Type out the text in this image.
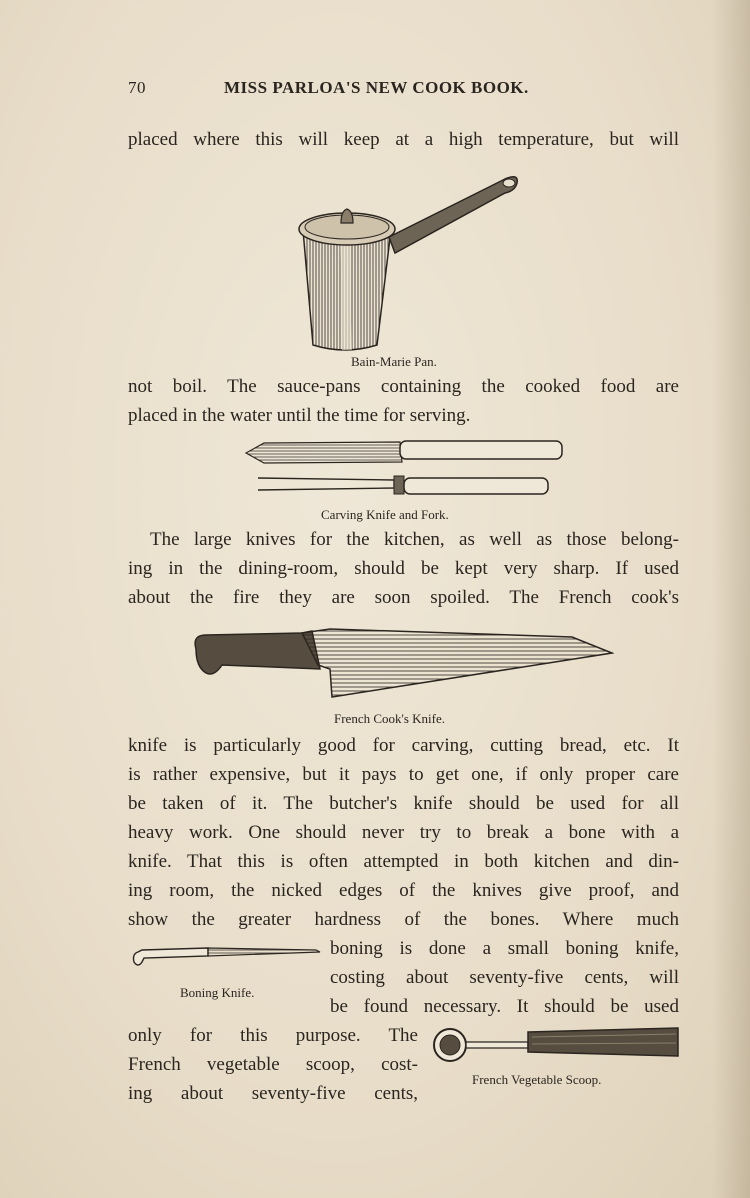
70	MISS PARLOA'S NEW COOK BOOK.
placed where this will keep at a high temperature, but will
Bain-Marie Pan.
not boil. The sauce-pans containing the cooked food are
placed in the water until the time for serving.
Carving Knife and Fork.
The large knives for the kitchen, as well as those belong-
ing in the dining-room, should be kept very sharp. If used
about the fire they are soon spoiled. The French cook's
French Cook's Knife.
knife is particularly good for carving, cutting bread, etc. It
is rather expensive, but it pays to get one, if only proper care
be taken of it. The butcher's knife should be used for all
heavy work. One should never try to break a bone with a
knife. That this is often attempted in both kitchen and din-
ing room, the nicked edges of the knives give proof, and
show the greater hardness of the bones. Where much
Boning Knife.
boning is done a small boning knife,
costing about seventy-five cents, will
be found necessary. It should be used
only for this purpose. The
French vegetable scoop, cost-
ing about seventy-five cents,
French Vegetable Scoop.
